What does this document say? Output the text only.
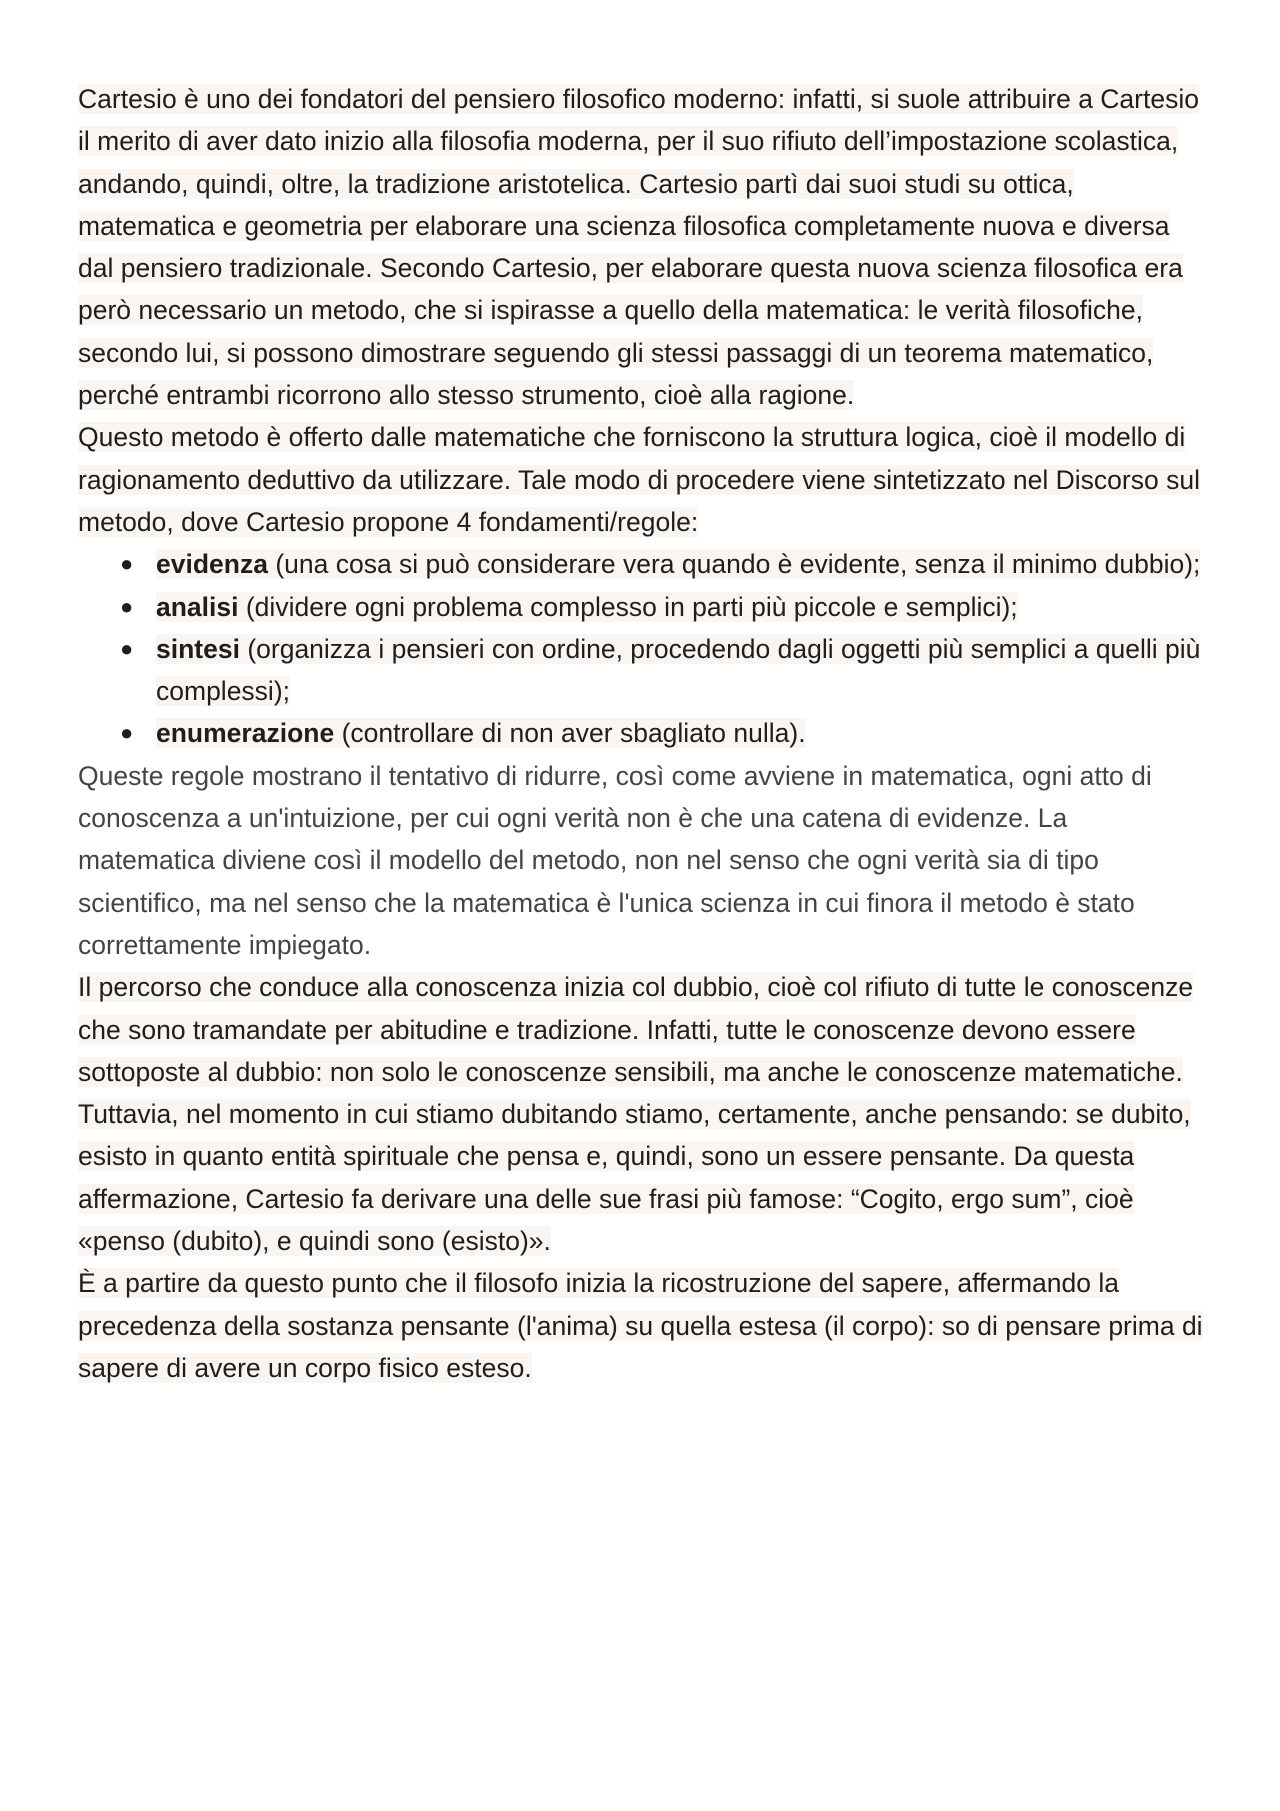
Cartesio è uno dei fondatori del pensiero filosofico moderno: infatti, si suole attribuire a Cartesio il merito di aver dato inizio alla filosofia moderna, per il suo rifiuto dell’impostazione scolastica, andando, quindi, oltre, la tradizione aristotelica. Cartesio partì dai suoi studi su ottica, matematica e geometria per elaborare una scienza filosofica completamente nuova e diversa dal pensiero tradizionale. Secondo Cartesio, per elaborare questa nuova scienza filosofica era però necessario un metodo, che si ispirasse a quello della matematica: le verità filosofiche, secondo lui, si possono dimostrare seguendo gli stessi passaggi di un teorema matematico, perché entrambi ricorrono allo stesso strumento, cioè alla ragione.

Questo metodo è offerto dalle matematiche che forniscono la struttura logica, cioè il modello di ragionamento deduttivo da utilizzare. Tale modo di procedere viene sintetizzato nel Discorso sul metodo, dove Cartesio propone 4 fondamenti/regole:

● evidenza (una cosa si può considerare vera quando è evidente, senza il minimo dubbio);
● analisi (dividere ogni problema complesso in parti più piccole e semplici);
● sintesi (organizza i pensieri con ordine, procedendo dagli oggetti più semplici a quelli più complessi);
● enumerazione (controllare di non aver sbagliato nulla).

Queste regole mostrano il tentativo di ridurre, così come avviene in matematica, ogni atto di conoscenza a un'intuizione, per cui ogni verità non è che una catena di evidenze. La matematica diviene così il modello del metodo, non nel senso che ogni verità sia di tipo scientifico, ma nel senso che la matematica è l'unica scienza in cui finora il metodo è stato correttamente impiegato.

Il percorso che conduce alla conoscenza inizia col dubbio, cioè col rifiuto di tutte le conoscenze che sono tramandate per abitudine e tradizione. Infatti, tutte le conoscenze devono essere sottoposte al dubbio: non solo le conoscenze sensibili, ma anche le conoscenze matematiche.

Tuttavia, nel momento in cui stiamo dubitando stiamo, certamente, anche pensando: se dubito, esisto in quanto entità spirituale che pensa e, quindi, sono un essere pensante. Da questa affermazione, Cartesio fa derivare una delle sue frasi più famose: “Cogito, ergo sum”, cioè «penso (dubito), e quindi sono (esisto)».

È a partire da questo punto che il filosofo inizia la ricostruzione del sapere, affermando la precedenza della sostanza pensante (l'anima) su quella estesa (il corpo): so di pensare prima di sapere di avere un corpo fisico esteso.
